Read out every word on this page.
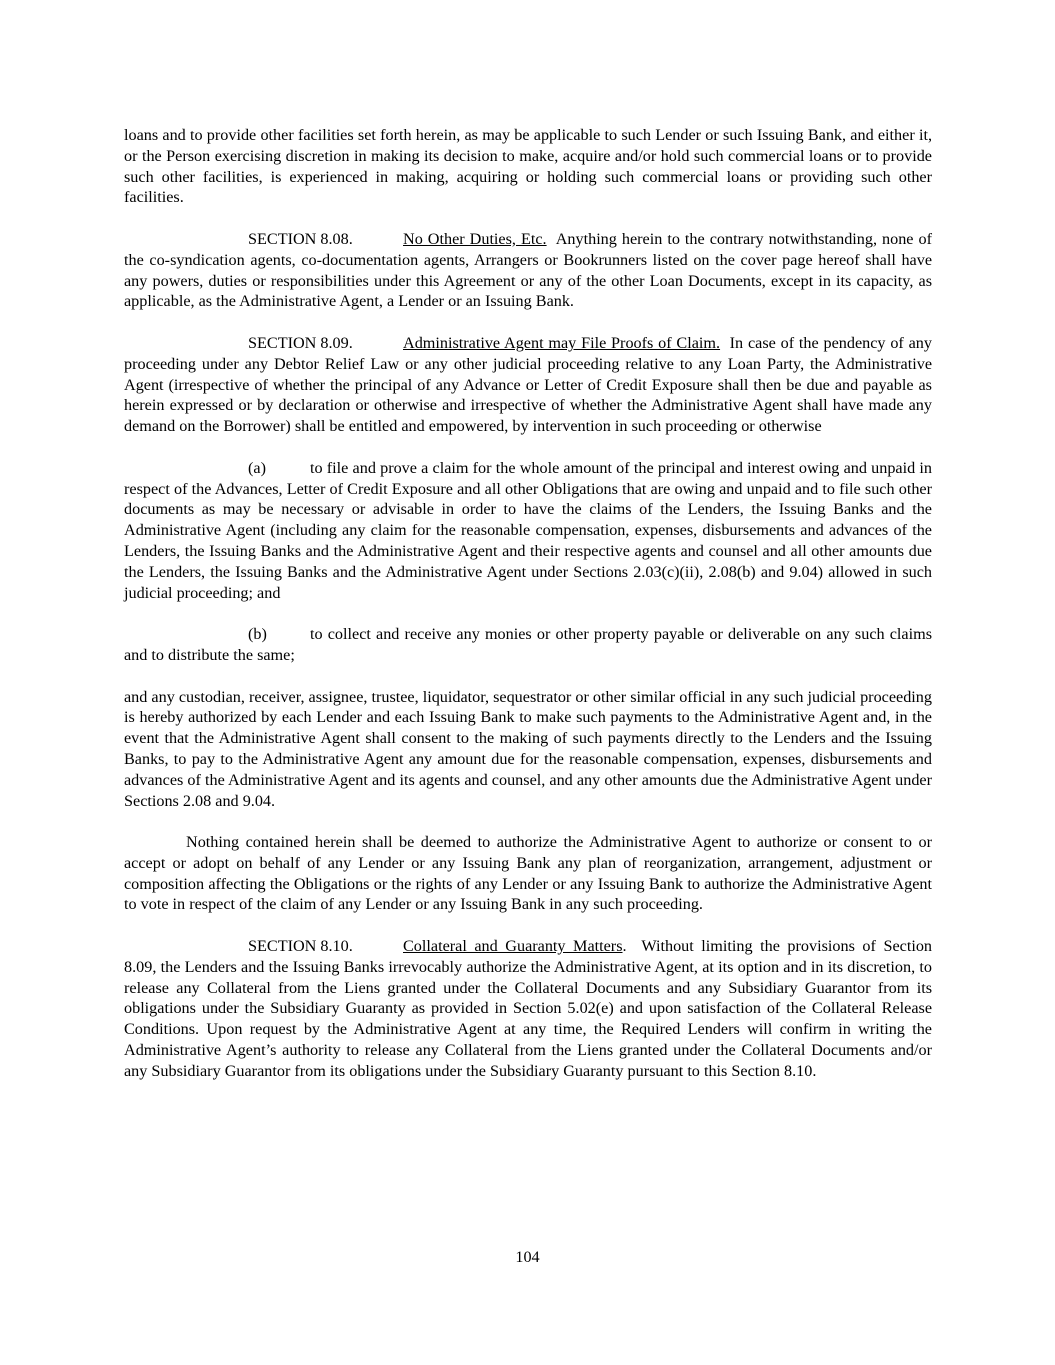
loans and to provide other facilities set forth herein, as may be applicable to such Lender or such Issuing Bank, and either it, or the Person exercising discretion in making its decision to make, acquire and/or hold such commercial loans or to provide such other facilities, is experienced in making, acquiring or holding such commercial loans or providing such other facilities.

SECTION 8.08.	No Other Duties, Etc. Anything herein to the contrary notwithstanding, none of the co-syndication agents, co-documentation agents, Arrangers or Bookrunners listed on the cover page hereof shall have any powers, duties or responsibilities under this Agreement or any of the other Loan Documents, except in its capacity, as applicable, as the Administrative Agent, a Lender or an Issuing Bank.

SECTION 8.09.	Administrative Agent may File Proofs of Claim. In case of the pendency of any proceeding under any Debtor Relief Law or any other judicial proceeding relative to any Loan Party, the Administrative Agent (irrespective of whether the principal of any Advance or Letter of Credit Exposure shall then be due and payable as herein expressed or by declaration or otherwise and irrespective of whether the Administrative Agent shall have made any demand on the Borrower) shall be entitled and empowered, by intervention in such proceeding or otherwise

(a)	to file and prove a claim for the whole amount of the principal and interest owing and unpaid in respect of the Advances, Letter of Credit Exposure and all other Obligations that are owing and unpaid and to file such other documents as may be necessary or advisable in order to have the claims of the Lenders, the Issuing Banks and the Administrative Agent (including any claim for the reasonable compensation, expenses, disbursements and advances of the Lenders, the Issuing Banks and the Administrative Agent and their respective agents and counsel and all other amounts due the Lenders, the Issuing Banks and the Administrative Agent under Sections 2.03(c)(ii), 2.08(b) and 9.04) allowed in such judicial proceeding; and

(b)	to collect and receive any monies or other property payable or deliverable on any such claims and to distribute the same;

and any custodian, receiver, assignee, trustee, liquidator, sequestrator or other similar official in any such judicial proceeding is hereby authorized by each Lender and each Issuing Bank to make such payments to the Administrative Agent and, in the event that the Administrative Agent shall consent to the making of such payments directly to the Lenders and the Issuing Banks, to pay to the Administrative Agent any amount due for the reasonable compensation, expenses, disbursements and advances of the Administrative Agent and its agents and counsel, and any other amounts due the Administrative Agent under Sections 2.08 and 9.04.

Nothing contained herein shall be deemed to authorize the Administrative Agent to authorize or consent to or accept or adopt on behalf of any Lender or any Issuing Bank any plan of reorganization, arrangement, adjustment or composition affecting the Obligations or the rights of any Lender or any Issuing Bank to authorize the Administrative Agent to vote in respect of the claim of any Lender or any Issuing Bank in any such proceeding.

SECTION 8.10.	Collateral and Guaranty Matters. Without limiting the provisions of Section 8.09, the Lenders and the Issuing Banks irrevocably authorize the Administrative Agent, at its option and in its discretion, to release any Collateral from the Liens granted under the Collateral Documents and any Subsidiary Guarantor from its obligations under the Subsidiary Guaranty as provided in Section 5.02(e) and upon satisfaction of the Collateral Release Conditions. Upon request by the Administrative Agent at any time, the Required Lenders will confirm in writing the Administrative Agent’s authority to release any Collateral from the Liens granted under the Collateral Documents and/or any Subsidiary Guarantor from its obligations under the Subsidiary Guaranty pursuant to this Section 8.10.

104
